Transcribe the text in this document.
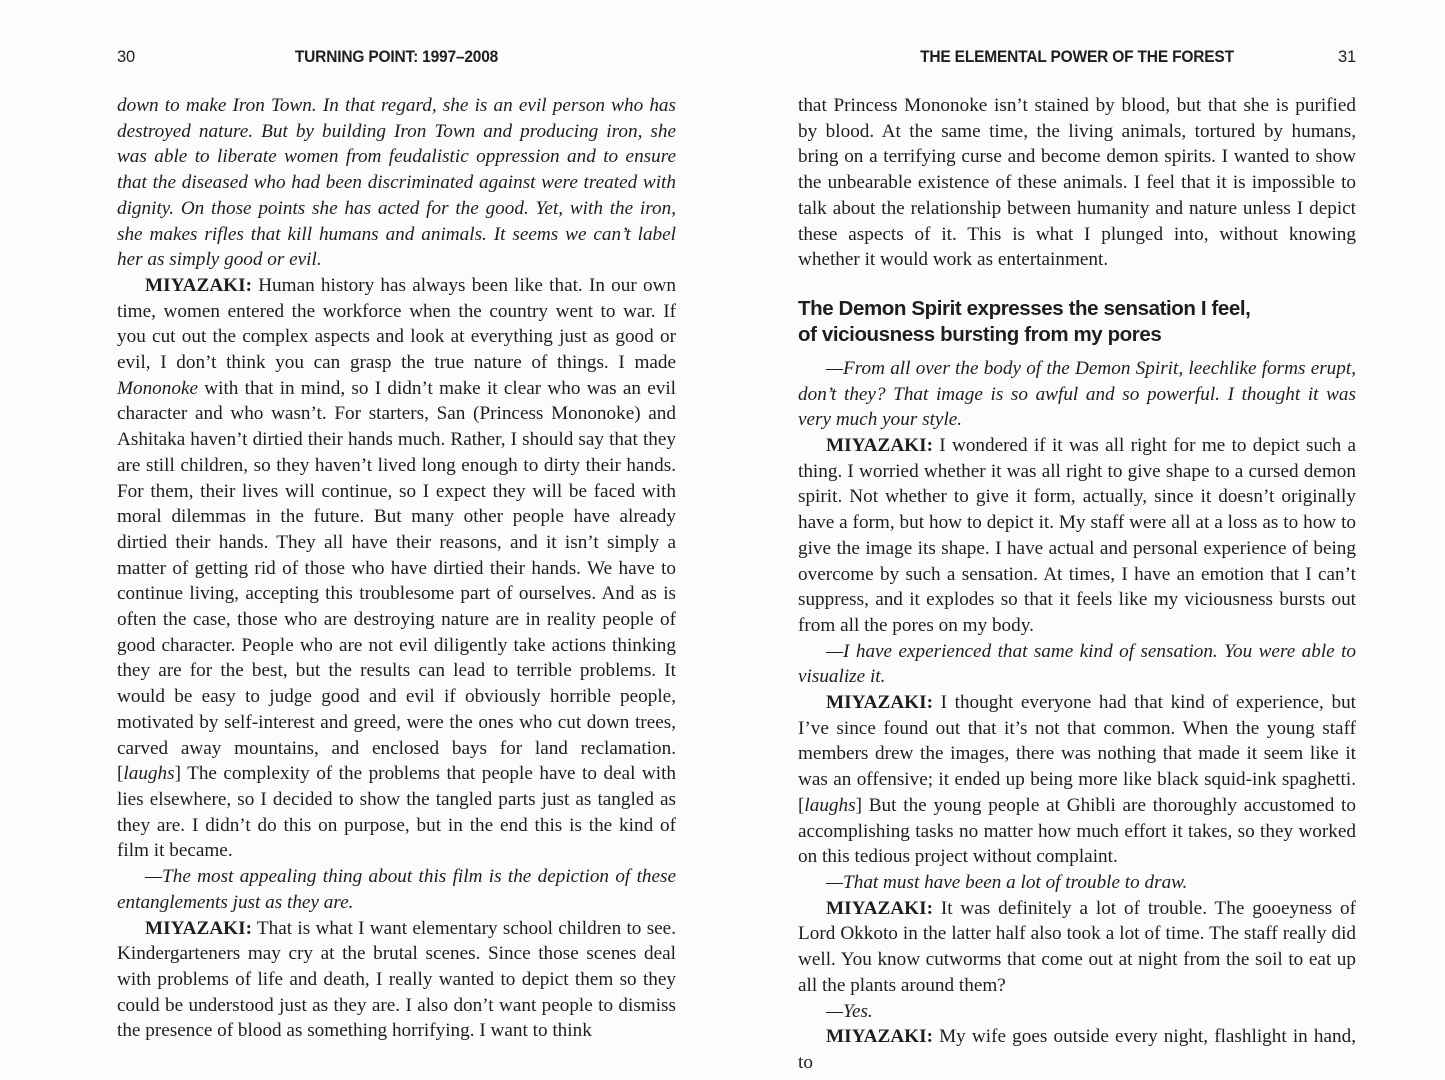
30	TURNING POINT: 1997–2008

down to make Iron Town. In that regard, she is an evil person who has destroyed nature. But by building Iron Town and producing iron, she was able to liberate women from feudalistic oppression and to ensure that the diseased who had been discriminated against were treated with dignity. On those points she has acted for the good. Yet, with the iron, she makes rifles that kill humans and animals. It seems we can’t label her as simply good or evil.

MIYAZAKI: Human history has always been like that. In our own time, women entered the workforce when the country went to war. If you cut out the complex aspects and look at everything just as good or evil, I don’t think you can grasp the true nature of things. I made Mononoke with that in mind, so I didn’t make it clear who was an evil character and who wasn’t. For starters, San (Princess Mononoke) and Ashitaka haven’t dirtied their hands much. Rather, I should say that they are still children, so they haven’t lived long enough to dirty their hands. For them, their lives will continue, so I expect they will be faced with moral dilemmas in the future. But many other people have already dirtied their hands. They all have their reasons, and it isn’t simply a matter of getting rid of those who have dirtied their hands. We have to continue living, accepting this troublesome part of ourselves. And as is often the case, those who are destroying nature are in reality people of good character. People who are not evil diligently take actions thinking they are for the best, but the results can lead to terrible problems. It would be easy to judge good and evil if obviously horrible people, motivated by self-interest and greed, were the ones who cut down trees, carved away mountains, and enclosed bays for land reclamation. [laughs] The complexity of the problems that people have to deal with lies elsewhere, so I decided to show the tangled parts just as tangled as they are. I didn’t do this on purpose, but in the end this is the kind of film it became.

—The most appealing thing about this film is the depiction of these entanglements just as they are.

MIYAZAKI: That is what I want elementary school children to see. Kindergarteners may cry at the brutal scenes. Since those scenes deal with problems of life and death, I really wanted to depict them so they could be understood just as they are. I also don’t want people to dismiss the presence of blood as something horrifying. I want to think

THE ELEMENTAL POWER OF THE FOREST	31

that Princess Mononoke isn’t stained by blood, but that she is purified by blood. At the same time, the living animals, tortured by humans, bring on a terrifying curse and become demon spirits. I wanted to show the unbearable existence of these animals. I feel that it is impossible to talk about the relationship between humanity and nature unless I depict these aspects of it. This is what I plunged into, without knowing whether it would work as entertainment.

The Demon Spirit expresses the sensation I feel,
of viciousness bursting from my pores

—From all over the body of the Demon Spirit, leechlike forms erupt, don’t they? That image is so awful and so powerful. I thought it was very much your style.

MIYAZAKI: I wondered if it was all right for me to depict such a thing. I worried whether it was all right to give shape to a cursed demon spirit. Not whether to give it form, actually, since it doesn’t originally have a form, but how to depict it. My staff were all at a loss as to how to give the image its shape. I have actual and personal experience of being overcome by such a sensation. At times, I have an emotion that I can’t suppress, and it explodes so that it feels like my viciousness bursts out from all the pores on my body.

—I have experienced that same kind of sensation. You were able to visualize it.

MIYAZAKI: I thought everyone had that kind of experience, but I’ve since found out that it’s not that common. When the young staff members drew the images, there was nothing that made it seem like it was an offensive; it ended up being more like black squid-ink spaghetti. [laughs] But the young people at Ghibli are thoroughly accustomed to accomplishing tasks no matter how much effort it takes, so they worked on this tedious project without complaint.

—That must have been a lot of trouble to draw.

MIYAZAKI: It was definitely a lot of trouble. The gooeyness of Lord Okkoto in the latter half also took a lot of time. The staff really did well. You know cutworms that come out at night from the soil to eat up all the plants around them?

—Yes.

MIYAZAKI: My wife goes outside every night, flashlight in hand, to
